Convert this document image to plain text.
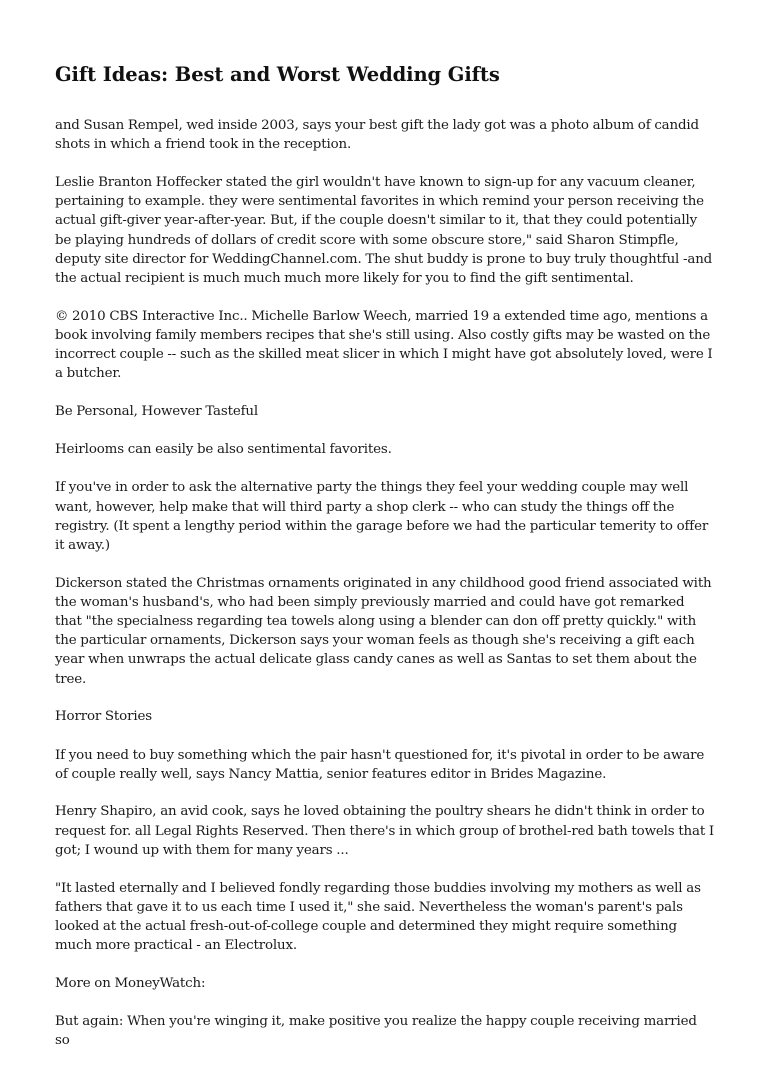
Gift Ideas: Best and Worst Wedding Gifts

and Susan Rempel, wed inside 2003, says your best gift the lady got was a photo album of candid shots in which a friend took in the reception.

Leslie Branton Hoffecker stated the girl wouldn't have known to sign-up for any vacuum cleaner, pertaining to example. they were sentimental favorites in which remind your person receiving the actual gift-giver year-after-year. But, if the couple doesn't similar to it, that they could potentially be playing hundreds of dollars of credit score with some obscure store," said Sharon Stimpfle, deputy site director for WeddingChannel.com. The shut buddy is prone to buy truly thoughtful -and the actual recipient is much much much more likely for you to find the gift sentimental.

© 2010 CBS Interactive Inc.. Michelle Barlow Weech, married 19 a extended time ago, mentions a book involving family members recipes that she's still using. Also costly gifts may be wasted on the incorrect couple -- such as the skilled meat slicer in which I might have got absolutely loved, were I a butcher.

Be Personal, However Tasteful

Heirlooms can easily be also sentimental favorites.

If you've in order to ask the alternative party the things they feel your wedding couple may well want, however, help make that will third party a shop clerk -- who can study the things off the registry. (It spent a lengthy period within the garage before we had the particular temerity to offer it away.)

Dickerson stated the Christmas ornaments originated in any childhood good friend associated with the woman's husband's, who had been simply previously married and could have got remarked that "the specialness regarding tea towels along using a blender can don off pretty quickly." with the particular ornaments, Dickerson says your woman feels as though she's receiving a gift each year when unwraps the actual delicate glass candy canes as well as Santas to set them about the tree.

Horror Stories

If you need to buy something which the pair hasn't questioned for, it's pivotal in order to be aware of couple really well, says Nancy Mattia, senior features editor in Brides Magazine.

Henry Shapiro, an avid cook, says he loved obtaining the poultry shears he didn't think in order to request for. all Legal Rights Reserved. Then there's in which group of brothel-red bath towels that I got; I wound up with them for many years ...

"It lasted eternally and I believed fondly regarding those buddies involving my mothers as well as fathers that gave it to us each time I used it," she said. Nevertheless the woman's parent's pals looked at the actual fresh-out-of-college couple and determined they might require something much more practical - an Electrolux.

More on MoneyWatch:

But again: When you're winging it, make positive you realize the happy couple receiving married so
